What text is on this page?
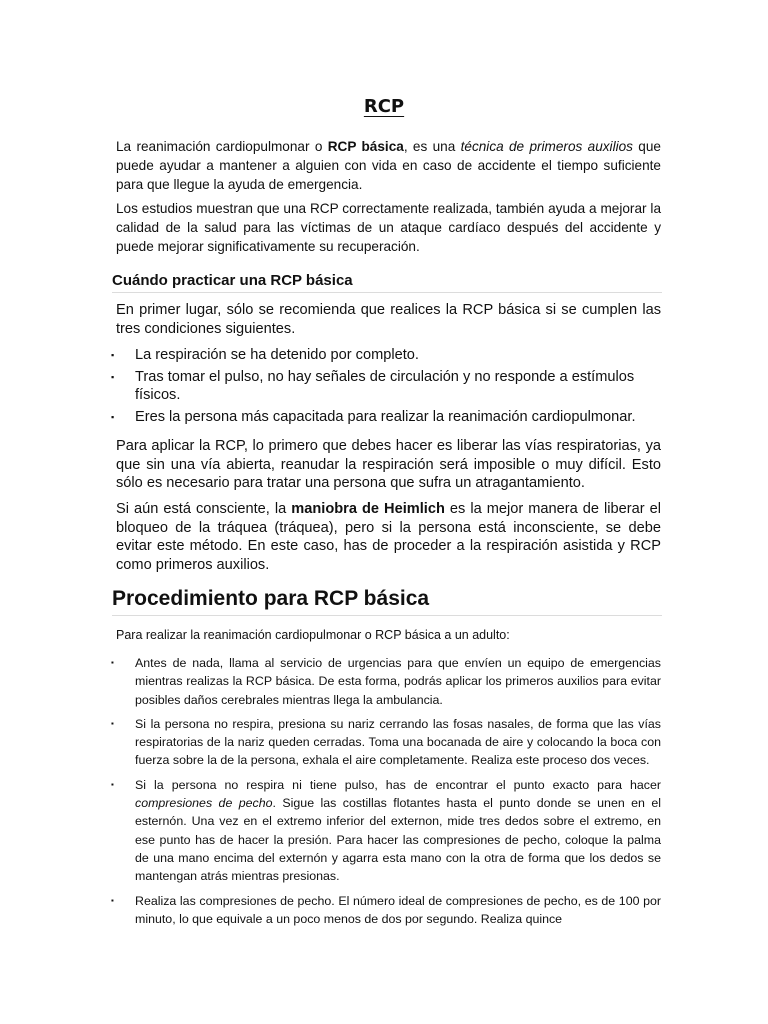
RCP

La reanimación cardiopulmonar o RCP básica, es una técnica de primeros auxilios que puede ayudar a mantener a alguien con vida en caso de accidente el tiempo suficiente para que llegue la ayuda de emergencia.

Los estudios muestran que una RCP correctamente realizada, también ayuda a mejorar la calidad de la salud para las víctimas de un ataque cardíaco después del accidente y puede mejorar significativamente su recuperación.

Cuándo practicar una RCP básica

En primer lugar, sólo se recomienda que realices la RCP básica si se cumplen las tres condiciones siguientes.

▪ La respiración se ha detenido por completo.
▪ Tras tomar el pulso, no hay señales de circulación y no responde a estímulos físicos.
▪ Eres la persona más capacitada para realizar la reanimación cardiopulmonar.

Para aplicar la RCP, lo primero que debes hacer es liberar las vías respiratorias, ya que sin una vía abierta, reanudar la respiración será imposible o muy difícil. Esto sólo es necesario para tratar una persona que sufra un atragantamiento.

Si aún está consciente, la maniobra de Heimlich es la mejor manera de liberar el bloqueo de la tráquea (tráquea), pero si la persona está inconsciente, se debe evitar este método. En este caso, has de proceder a la respiración asistida y RCP como primeros auxilios.

Procedimiento para RCP básica

Para realizar la reanimación cardiopulmonar o RCP básica a un adulto:

▪ Antes de nada, llama al servicio de urgencias para que envíen un equipo de emergencias mientras realizas la RCP básica. De esta forma, podrás aplicar los primeros auxilios para evitar posibles daños cerebrales mientras llega la ambulancia.
▪ Si la persona no respira, presiona su nariz cerrando las fosas nasales, de forma que las vías respiratorias de la nariz queden cerradas. Toma una bocanada de aire y colocando la boca con fuerza sobre la de la persona, exhala el aire completamente. Realiza este proceso dos veces.
▪ Si la persona no respira ni tiene pulso, has de encontrar el punto exacto para hacer compresiones de pecho. Sigue las costillas flotantes hasta el punto donde se unen en el esternón. Una vez en el extremo inferior del externon, mide tres dedos sobre el extremo, en ese punto has de hacer la presión. Para hacer las compresiones de pecho, coloque la palma de una mano encima del externón y agarra esta mano con la otra de forma que los dedos se mantengan atrás mientras presionas.
▪ Realiza las compresiones de pecho. El número ideal de compresiones de pecho, es de 100 por minuto, lo que equivale a un poco menos de dos por segundo. Realiza quince
